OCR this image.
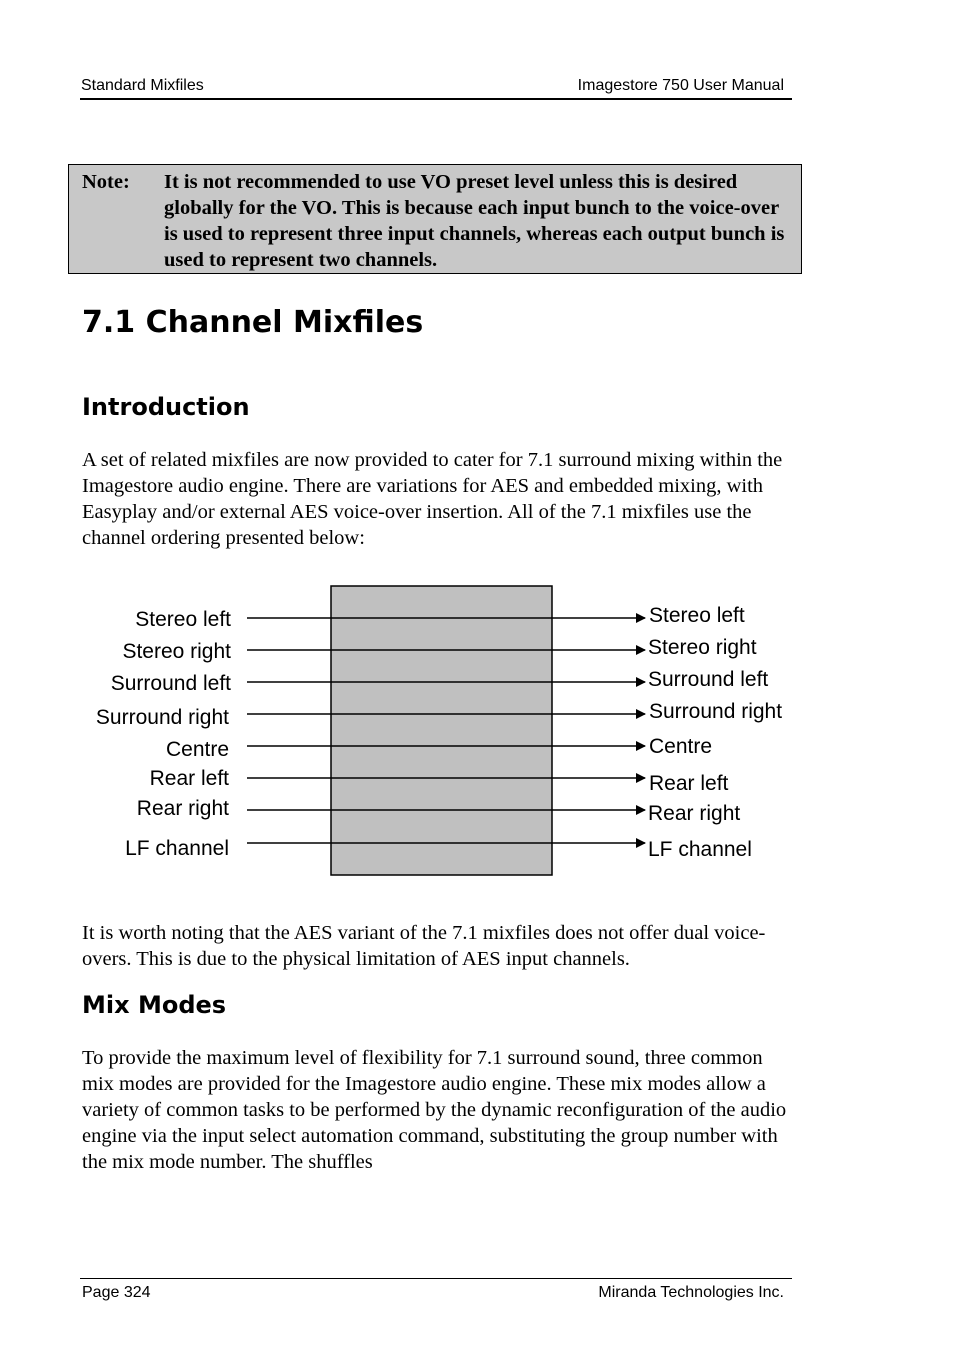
Standard Mixfiles	Imagestore 750 User Manual
Note: It is not recommended to use VO preset level unless this is desired globally for the VO. This is because each input bunch to the voice-over is used to represent three input channels, whereas each output bunch is used to represent two channels.
7.1 Channel Mixfiles
Introduction

A set of related mixfiles are now provided to cater for 7.1 surround mixing within the Imagestore audio engine. There are variations for AES and embedded mixing, with Easyplay and/or external AES voice-over insertion. All of the 7.1 mixfiles use the channel ordering presented below:

Stereo left
Stereo right
Surround left
Surround right
Centre
Rear left
Rear right
LF channel
Stereo left
Stereo right
Surround left
Surround right
Centre
Rear left
Rear right
LF channel

It is worth noting that the AES variant of the 7.1 mixfiles does not offer dual voice-overs. This is due to the physical limitation of AES input channels.

Mix Modes

To provide the maximum level of flexibility for 7.1 surround sound, three common mix modes are provided for the Imagestore audio engine. These mix modes allow a variety of common tasks to be performed by the dynamic reconfiguration of the audio engine via the input select automation command, substituting the group number with the mix mode number. The shuffles

Page 324	Miranda Technologies Inc.
